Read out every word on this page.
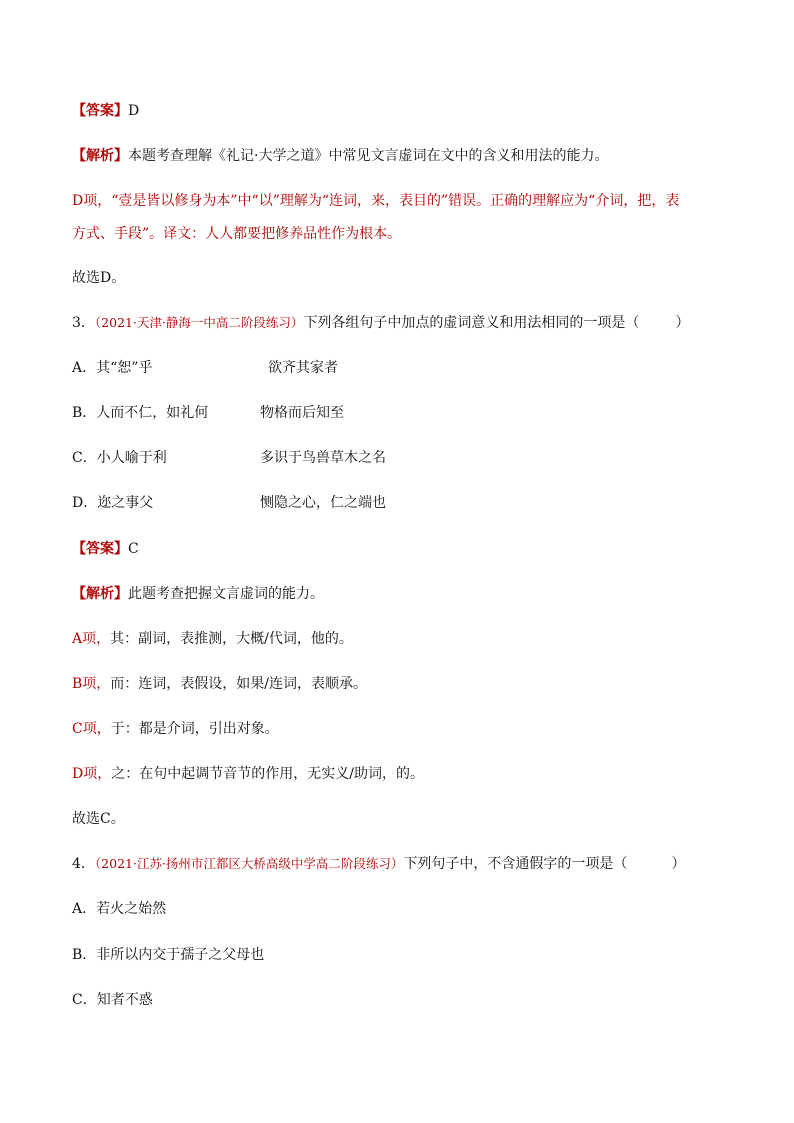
【答案】D
【解析】本题考查理解《礼记·大学之道》中常见文言虚词在文中的含义和用法的能力。
D项，“壹是皆以修身为本”中“以”理解为“连词，来，表目的”错误。正确的理解应为“介词，把，表
方式、手段”。译文：人人都要把修养品性作为根本。
故选D。
3．（2021·天津·静海一中高二阶段练习）下列各组句子中加点的虚词意义和用法相同的一项是（	）
A．其“恕”乎	欲齐其家者
B．人而不仁，如礼何	物格而后知至
C．小人喻于利	多识于鸟兽草木之名
D．迩之事父	恻隐之心，仁之端也
【答案】C
【解析】此题考查把握文言虚词的能力。
A项，其：副词，表推测，大概/代词，他的。
B项，而：连词，表假设，如果/连词，表顺承。
C项，于：都是介词，引出对象。
D项，之：在句中起调节音节的作用，无实义/助词，的。
故选C。
4．（2021·江苏·扬州市江都区大桥高级中学高二阶段练习）下列句子中，不含通假字的一项是（	）
A．若火之始然
B．非所以内交于孺子之父母也
C．知者不惑
